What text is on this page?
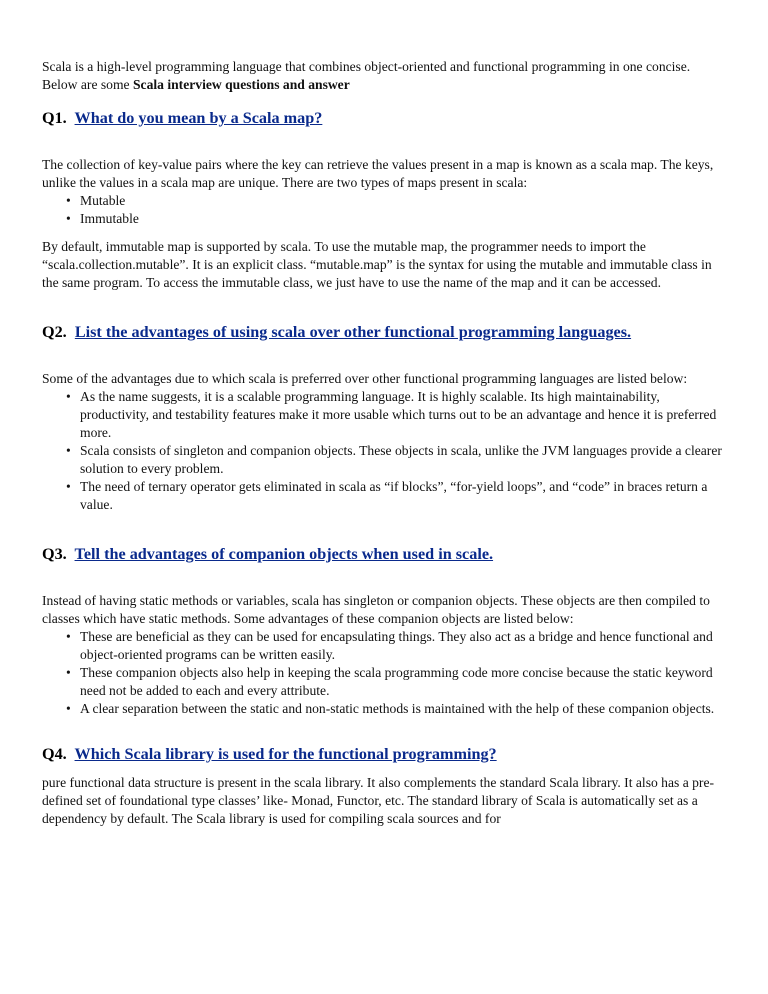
Scala is a high-level programming language that combines object-oriented and functional programming in one concise. Below are some Scala interview questions and answer

Q1. What do you mean by a Scala map?

The collection of key-value pairs where the key can retrieve the values present in a map is known as a scala map. The keys, unlike the values in a scala map are unique. There are two types of maps present in scala:

• Mutable
• Immutable

By default, immutable map is supported by scala. To use the mutable map, the programmer needs to import the “scala.collection.mutable”. It is an explicit class. “mutable.map” is the syntax for using the mutable and immutable class in the same program. To access the immutable class, we just have to use the name of the map and it can be accessed.

Q2. List the advantages of using scala over other functional programming languages.

Some of the advantages due to which scala is preferred over other functional programming languages are listed below:

• As the name suggests, it is a scalable programming language. It is highly scalable. Its high maintainability, productivity, and testability features make it more usable which turns out to be an advantage and hence it is preferred more.
• Scala consists of singleton and companion objects. These objects in scala, unlike the JVM languages provide a clearer solution to every problem.
• The need of ternary operator gets eliminated in scala as “if blocks”, “for-yield loops”, and “code” in braces return a value.
Q3. Tell the advantages of companion objects when used in scale.

Instead of having static methods or variables, scala has singleton or companion objects. These objects are then compiled to classes which have static methods. Some advantages of these companion objects are listed below:

• These are beneficial as they can be used for encapsulating things. They also act as a bridge and hence functional and object-oriented programs can be written easily.
• These companion objects also help in keeping the scala programming code more concise because the static keyword need not be added to each and every attribute.
• A clear separation between the static and non-static methods is maintained with the help of these companion objects.
Q4. Which Scala library is used for the functional programming?

pure functional data structure is present in the scala library. It also complements the standard Scala library. It also has a pre-defined set of foundational type classes’ like- Monad, Functor, etc. The standard library of Scala is automatically set as a dependency by default. The Scala library is used for compiling scala sources and for
